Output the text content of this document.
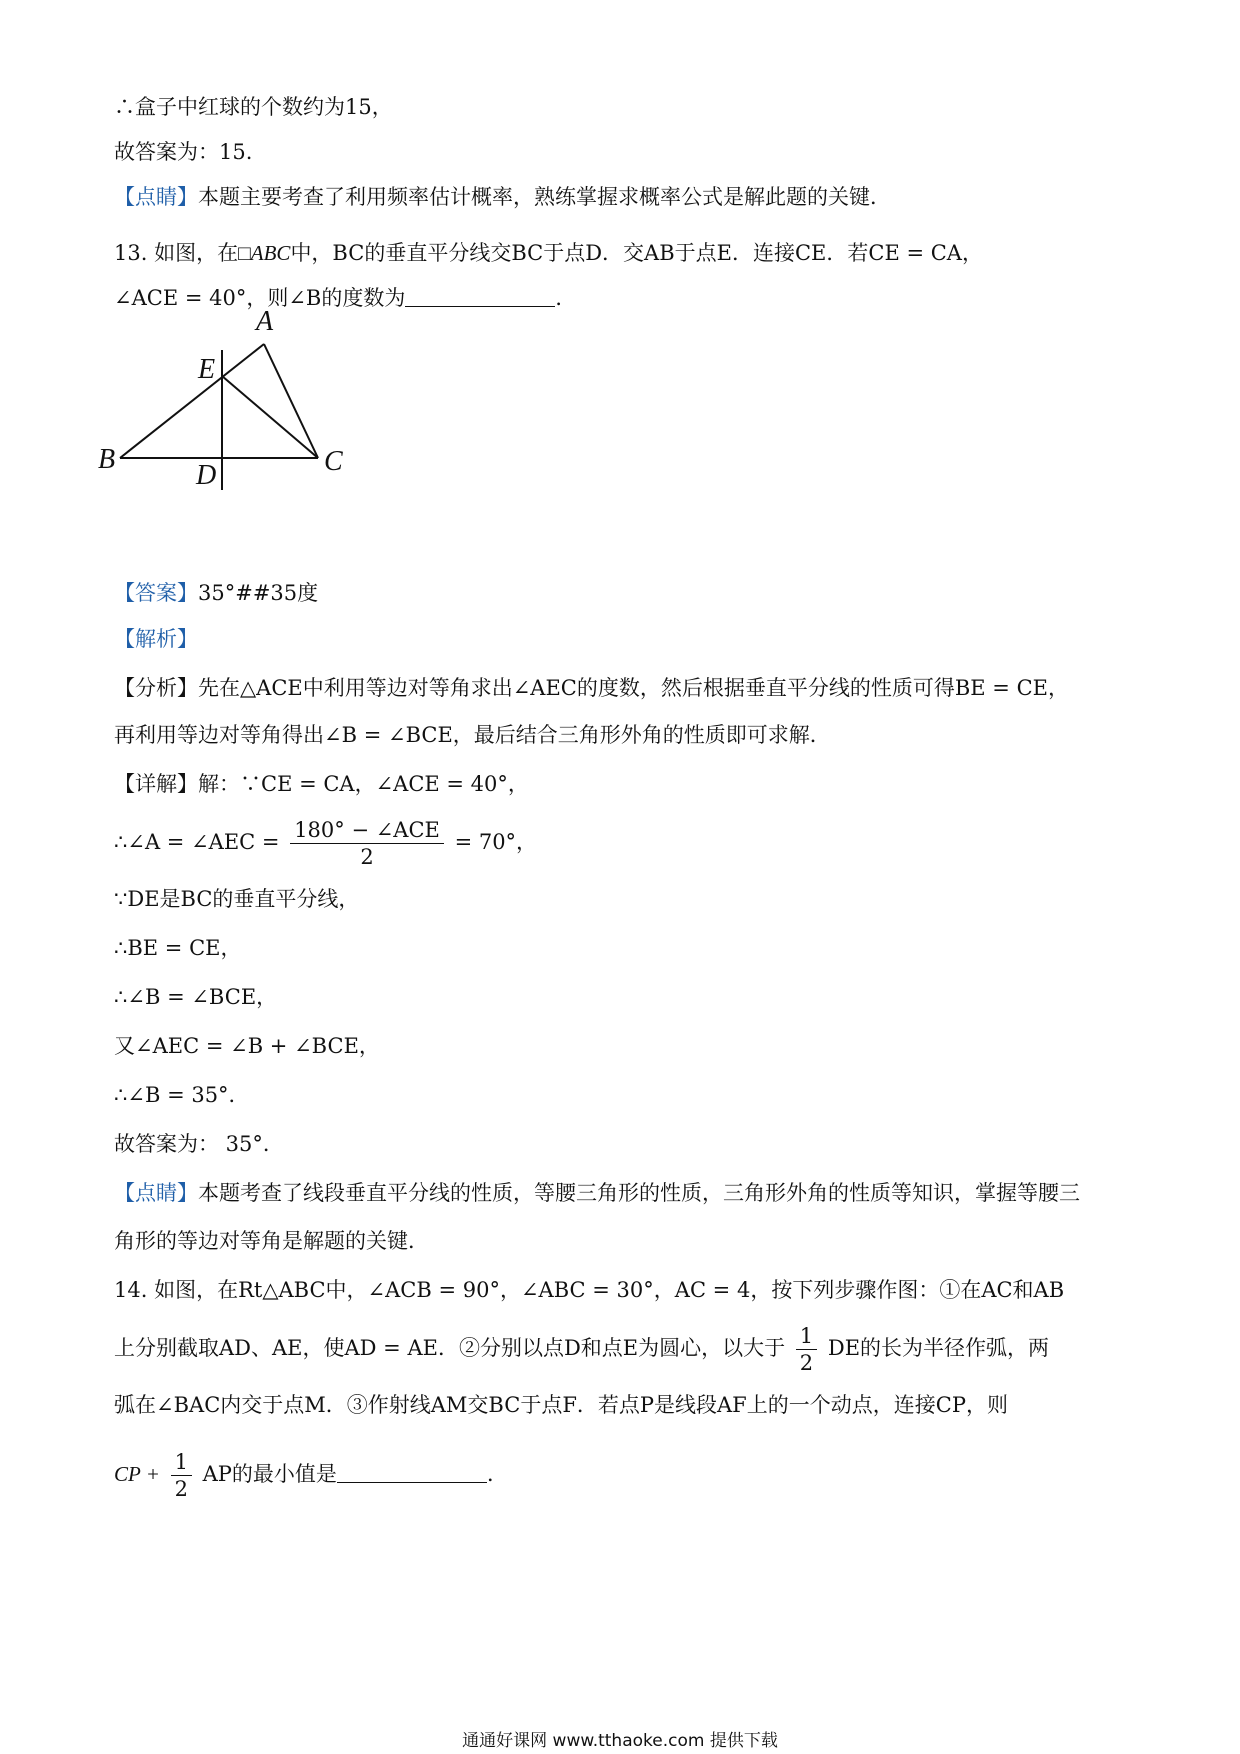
∴盒子中红球的个数约为15，
故答案为：15.
【点睛】本题主要考查了利用频率估计概率，熟练掌握求概率公式是解此题的关键．
13. 如图，在□ABC中，BC的垂直平分线交BC于点D．交AB于点E．连接CE．若CE = CA，
∠ACE = 40°，则∠B的度数为	．
A
E
B
D	C
【答案】35°##35度
【解析】
【分析】先在△ACE中利用等边对等角求出∠AEC的度数，然后根据垂直平分线的性质可得BE = CE，
再利用等边对等角得出∠B = ∠BCE，最后结合三角形外角的性质即可求解．
【详解】解：∵CE = CA，∠ACE = 40°，
∴∠A = ∠AEC = $\frac{\text{180° − ∠ACE}}{2} = 70^\circ$，
∵DE是BC的垂直平分线，
∴BE = CE，
∴∠B = ∠BCE，
又∠AEC = ∠B + ∠BCE，
∴∠B = 35°．
故答案为： 35°．
【点睛】本题考查了线段垂直平分线的性质，等腰三角形的性质，三角形外角的性质等知识，掌握等腰三
角形的等边对等角是解题的关键．
14. 如图，在Rt△ABC中，∠ACB = 90°，∠ABC = 30°，AC = 4，按下列步骤作图：①在AC和AB
上分别截取AD、AE，使AD = AE．②分别以点D和点E为圆心，以大于 $\frac{1}{2}$ DE的长为半径作弧，两
弧在∠BAC内交于点M．③作射线AM交BC于点F．若点P是线段AF上的一个动点，连接CP，则
CP + $\frac{1}{2}$ AP的最小值是	．
通通好课网 www.tthaoke.com 提供下载
